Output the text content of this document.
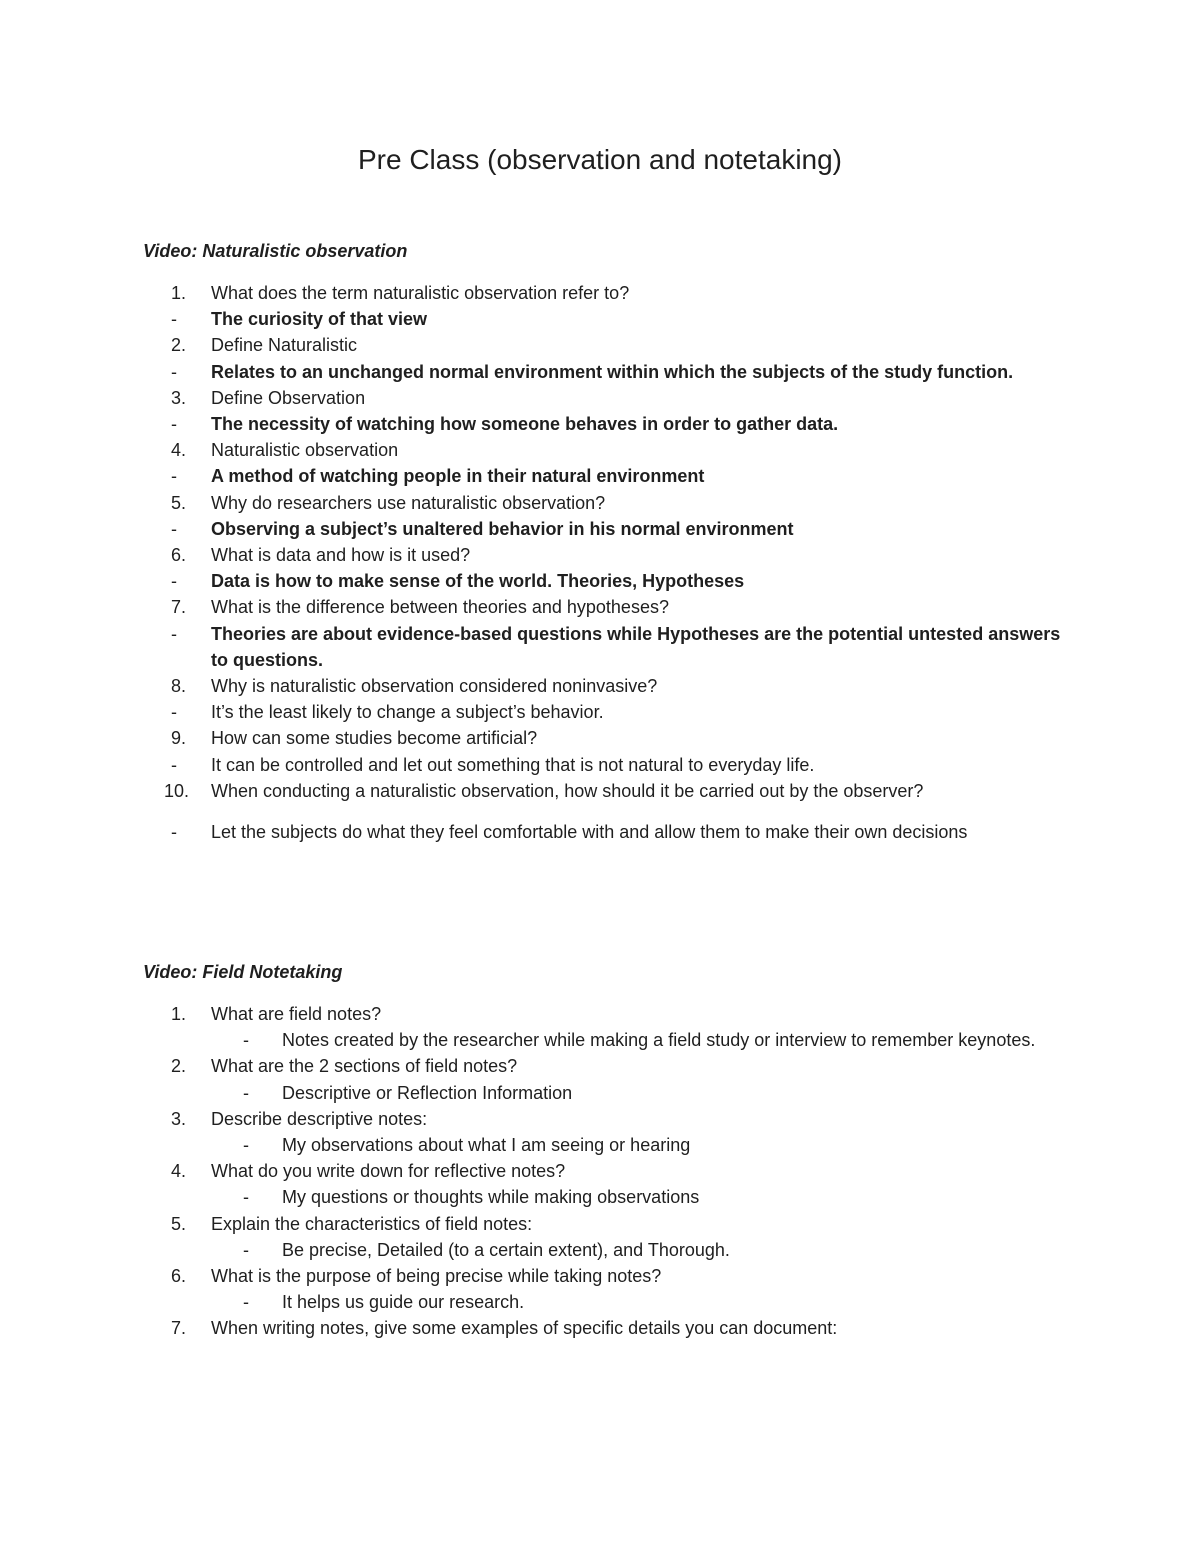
Pre Class (observation and notetaking)
Video: Naturalistic observation
1.	What does the term naturalistic observation refer to?
-	The curiosity of that view
2.	Define Naturalistic
-	Relates to an unchanged normal environment within which the subjects of the study function.
3.	Define Observation
-	The necessity of watching how someone behaves in order to gather data.
4.	Naturalistic observation
-	A method of watching people in their natural environment
5.	Why do researchers use naturalistic observation?
-	Observing a subject’s unaltered behavior in his normal environment
6.	What is data and how is it used?
-	Data is how to make sense of the world. Theories, Hypotheses
7.	What is the difference between theories and hypotheses?
-	Theories are about evidence-based questions while Hypotheses are the potential untested answers to questions.
8.	Why is naturalistic observation considered noninvasive?
-	It’s the least likely to change a subject’s behavior.
9.	How can some studies become artificial?
-	It can be controlled and let out something that is not natural to everyday life.
10.	When conducting a naturalistic observation, how should it be carried out by the observer?
-	Let the subjects do what they feel comfortable with and allow them to make their own decisions
Video: Field Notetaking
1.	What are field notes?
-	Notes created by the researcher while making a field study or interview to remember keynotes.
2.	What are the 2 sections of field notes?
-	Descriptive or Reflection Information
3.	Describe descriptive notes:
-	My observations about what I am seeing or hearing
4.	What do you write down for reflective notes?
-	My questions or thoughts while making observations
5.	Explain the characteristics of field notes:
-	Be precise, Detailed (to a certain extent), and Thorough.
6.	What is the purpose of being precise while taking notes?
-	It helps us guide our research.
7.	When writing notes, give some examples of specific details you can document:
